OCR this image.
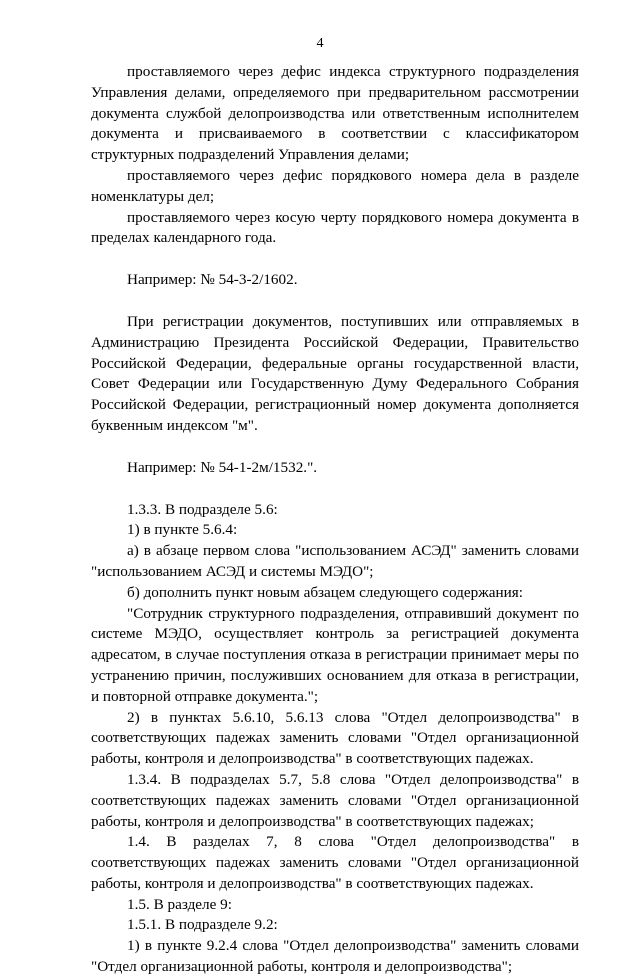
4

проставляемого через дефис индекса структурного подразделения Управления делами, определяемого при предварительном рассмотрении документа службой делопроизводства или ответственным исполнителем документа и присваиваемого в соответствии с классификатором структурных подразделений Управления делами;

проставляемого через дефис порядкового номера дела в разделе номенклатуры дел;

проставляемого через косую черту порядкового номера документа в пределах календарного года.

Например: № 54-3-2/1602.

При регистрации документов, поступивших или отправляемых в Администрацию Президента Российской Федерации, Правительство Российской Федерации, федеральные органы государственной власти, Совет Федерации или Государственную Думу Федерального Собрания Российской Федерации, регистрационный номер документа дополняется буквенным индексом "м".

Например: № 54-1-2м/1532.".

1.3.3. В подразделе 5.6:

1) в пункте 5.6.4:

а) в абзаце первом слова "использованием АСЭД" заменить словами "использованием АСЭД и системы МЭДО";

б) дополнить пункт новым абзацем следующего содержания:

"Сотрудник структурного подразделения, отправивший документ по системе МЭДО, осуществляет контроль за регистрацией документа адресатом, в случае поступления отказа в регистрации принимает меры по устранению причин, послуживших основанием для отказа в регистрации, и повторной отправке документа.";

2) в пунктах 5.6.10, 5.6.13 слова "Отдел делопроизводства" в соответствующих падежах заменить словами "Отдел организационной работы, контроля и делопроизводства" в соответствующих падежах.

1.3.4. В подразделах 5.7, 5.8 слова "Отдел делопроизводства" в соответствующих падежах заменить словами "Отдел организационной работы, контроля и делопроизводства" в соответствующих падежах;

1.4. В разделах 7, 8 слова "Отдел делопроизводства" в соответствующих падежах заменить словами "Отдел организационной работы, контроля и делопроизводства" в соответствующих падежах.

1.5. В разделе 9:

1.5.1. В подразделе 9.2:

1) в пункте 9.2.4 слова "Отдел делопроизводства" заменить словами "Отдел организационной работы, контроля и делопроизводства";
